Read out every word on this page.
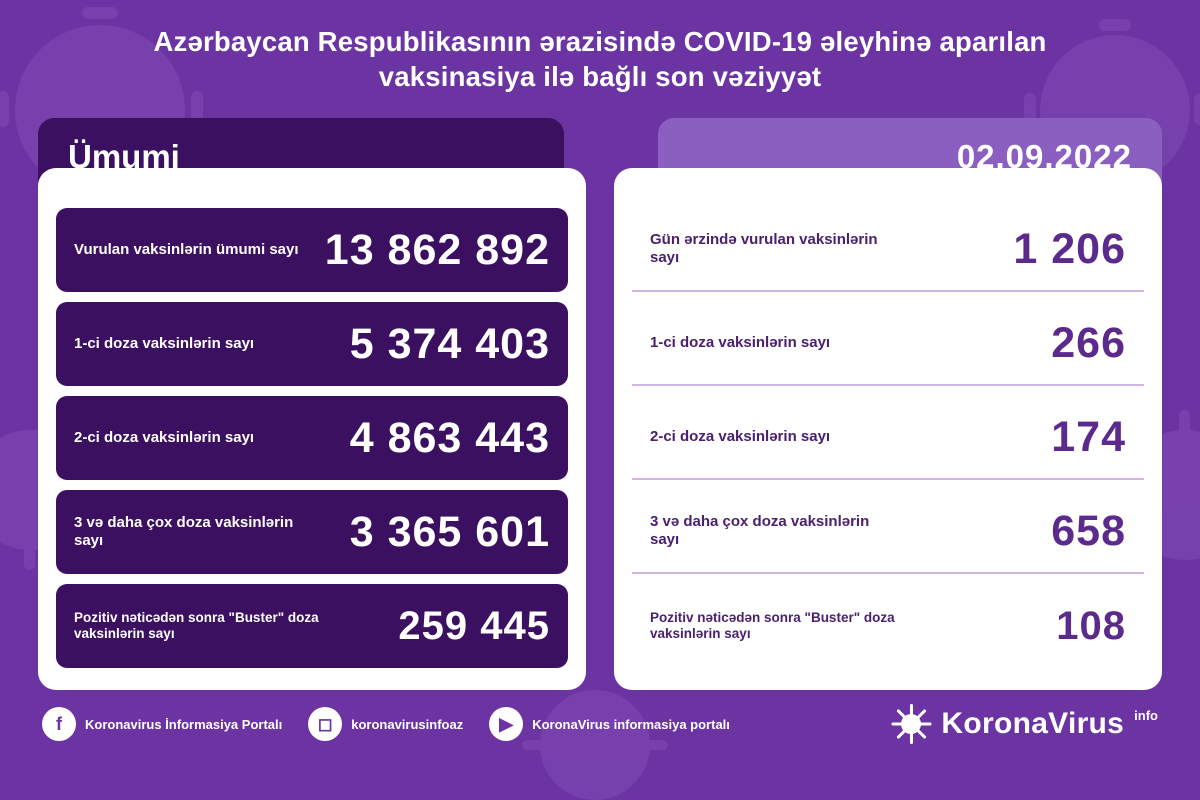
Azərbaycan Respublikasının ərazisində COVID-19 əleyhinə aparılan
vaksinasiya ilə bağlı son vəziyyət
Ümumi
Vurulan vaksinlərin ümumi sayı 13 862 892
1-ci doza vaksinlərin sayı 5 374 403
2-ci doza vaksinlərin sayı 4 863 443
3 və daha çox doza vaksinlərin sayı	3 365 601
Pozitiv nəticədən sonra "Buster" doza vaksinlərin sayı	259 445
02.09.2022
Gün ərzində vurulan vaksinlərin sayı	1 206
1-ci doza vaksinlərin sayı	266
2-ci doza vaksinlərin sayı	174
3 və daha çox doza vaksinlərin sayı	658
Pozitiv nəticədən sonra "Buster" doza vaksinlərin sayı	108
f	Koronavirus İnformasiya Portalı	◻	koronavirusinfoaz	▶	KoronaVirus informasiya portalı	KoronaVirus info
